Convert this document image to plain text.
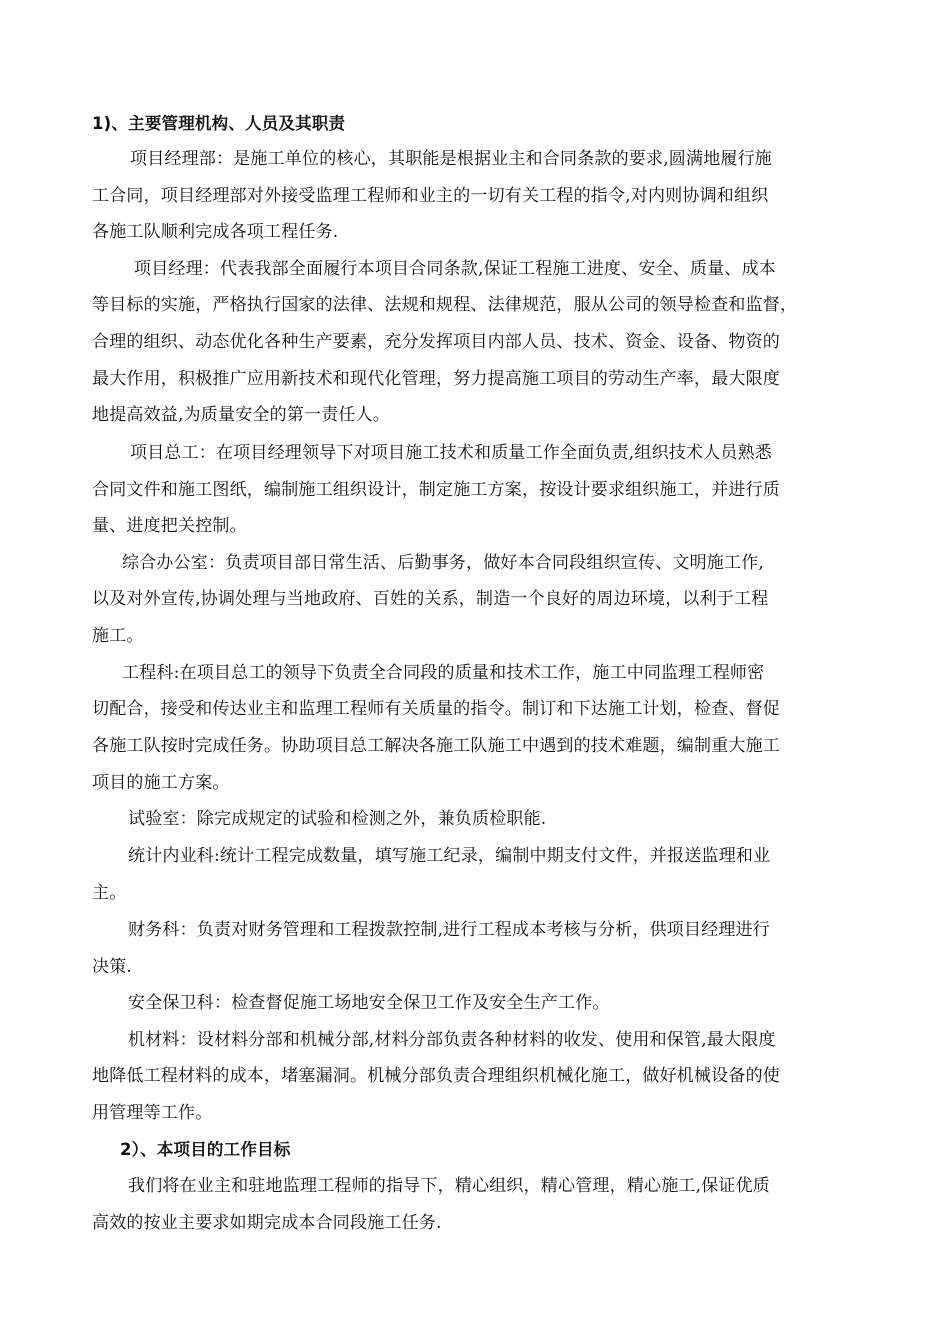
1)、主要管理机构、人员及其职责
项目经理部：是施工单位的核心，其职能是根据业主和合同条款的要求,圆满地履行施
工合同，项目经理部对外接受监理工程师和业主的一切有关工程的指令,对内则协调和组织
各施工队顺利完成各项工程任务.
项目经理：代表我部全面履行本项目合同条款,保证工程施工进度、安全、质量、成本
等目标的实施，严格执行国家的法律、法规和规程、法律规范，服从公司的领导检查和监督，
合理的组织、动态优化各种生产要素，充分发挥项目内部人员、技术、资金、设备、物资的
最大作用，积极推广应用新技术和现代化管理，努力提高施工项目的劳动生产率，最大限度
地提高效益,为质量安全的第一责任人。
项目总工：在项目经理领导下对项目施工技术和质量工作全面负责,组织技术人员熟悉
合同文件和施工图纸，编制施工组织设计，制定施工方案，按设计要求组织施工，并进行质
量、进度把关控制。
综合办公室：负责项目部日常生活、后勤事务，做好本合同段组织宣传、文明施工作,
以及对外宣传,协调处理与当地政府、百姓的关系，制造一个良好的周边环境，以利于工程
施工。
工程科:在项目总工的领导下负责全合同段的质量和技术工作，施工中同监理工程师密
切配合，接受和传达业主和监理工程师有关质量的指令。制订和下达施工计划，检查、督促
各施工队按时完成任务。协助项目总工解决各施工队施工中遇到的技术难题，编制重大施工
项目的施工方案。
试验室：除完成规定的试验和检测之外，兼负质检职能.
统计内业科:统计工程完成数量，填写施工纪录，编制中期支付文件，并报送监理和业
主。
财务科：负责对财务管理和工程拨款控制,进行工程成本考核与分析，供项目经理进行
决策.
安全保卫科：检查督促施工场地安全保卫工作及安全生产工作。
机材料：设材料分部和机械分部,材料分部负责各种材料的收发、使用和保管,最大限度
地降低工程材料的成本，堵塞漏洞。机械分部负责合理组织机械化施工，做好机械设备的使
用管理等工作。
2）、本项目的工作目标
我们将在业主和驻地监理工程师的指导下，精心组织，精心管理，精心施工,保证优质
高效的按业主要求如期完成本合同段施工任务.
